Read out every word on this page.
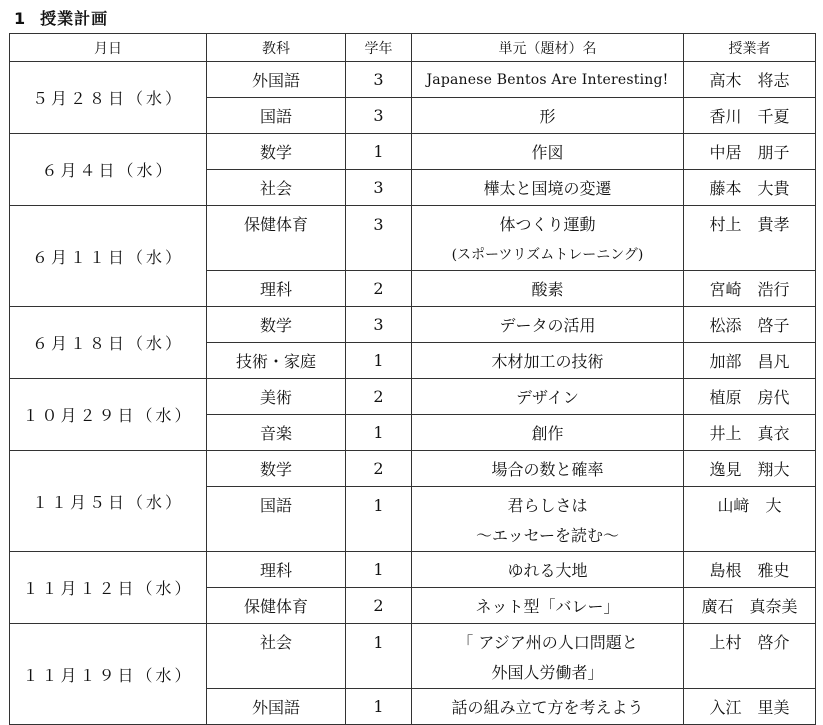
1 授業計画
月日	教科	学年	単元（題材）名	授業者
５月２８日（水）	外国語	3	Japanese Bentos Are Interesting!	高木　将志
	国語	3	形	香川　千夏
６月４日（水）	数学	1	作図	中居　朋子
	社会	3	樺太と国境の変遷	藤本　大貴
６月１１日（水）	保健体育	3	体つくり運動
(スポーツリズムトレーニング)	村上　貴孝
	理科	2	酸素	宮崎　浩行
６月１８日（水）	数学	3	データの活用	松添　啓子
	技術・家庭	1	木材加工の技術	加部　昌凡
１０月２９日（水）	美術	2	デザイン	植原　房代
	音楽	1	創作	井上　真衣
１１月５日（水）	数学	2	場合の数と確率	逸見　翔大
	国語	1	君らしさは
～エッセーを読む～	山﨑　大
１１月１２日（水）	理科	1	ゆれる大地	島根　雅史
	保健体育	2	ネット型「バレー」	廣石　真奈美
１１月１９日（水）	社会	1	「 アジア州の人口問題と
外国人労働者」	上村　啓介
	外国語	1	話の組み立て方を考えよう	入江　里美
